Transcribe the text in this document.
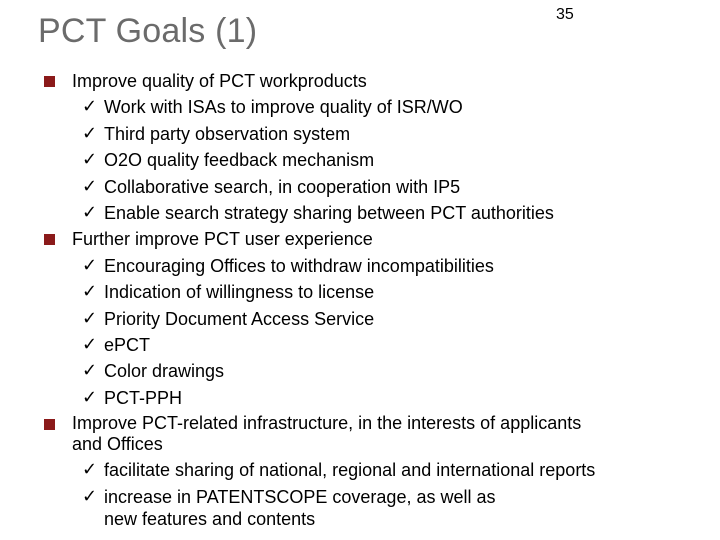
PCT Goals (1)	35
Improve quality of PCT workproducts
✓ Work with ISAs to improve quality of ISR/WO
✓ Third party observation system
✓ O2O quality feedback mechanism
✓ Collaborative search, in cooperation with IP5
✓ Enable search strategy sharing between PCT authorities
Further improve PCT user experience
✓ Encouraging Offices to withdraw incompatibilities
✓ Indication of willingness to license
✓ Priority Document Access Service
✓ ePCT
✓ Color drawings
✓ PCT-PPH
Improve PCT-related infrastructure, in the interests of applicants
and Offices
✓ facilitate sharing of national, regional and international reports
✓ increase in PATENTSCOPE coverage, as well as
new features and contents
